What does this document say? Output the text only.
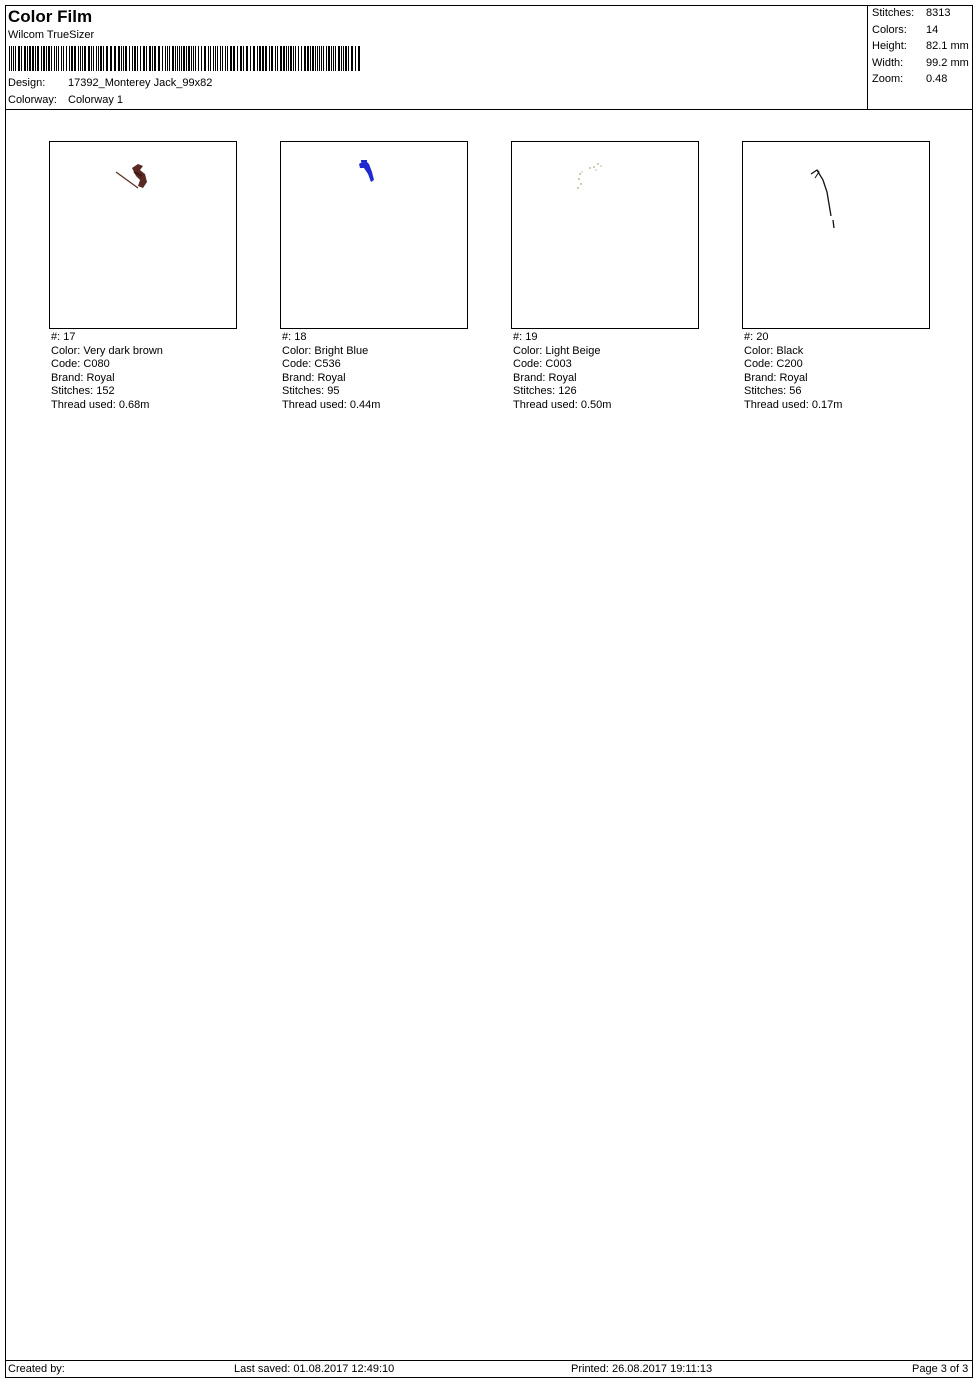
Color Film
Wilcom TrueSizer
Design: 17392_Monterey Jack_99x82
Colorway: Colorway 1
Stitches: 8313
Colors: 14
Height: 82.1 mm
Width: 99.2 mm
Zoom: 0.48
#: 17
Color: Very dark brown
Code: C080
Brand: Royal
Stitches: 152
Thread used: 0.68m
#: 18
Color: Bright Blue
Code: C536
Brand: Royal
Stitches: 95
Thread used: 0.44m
#: 19
Color: Light Beige
Code: C003
Brand: Royal
Stitches: 126
Thread used: 0.50m
#: 20
Color: Black
Code: C200
Brand: Royal
Stitches: 56
Thread used: 0.17m
Created by:	Last saved: 01.08.2017 12:49:10	Printed: 26.08.2017 19:11:13	Page 3 of 3
